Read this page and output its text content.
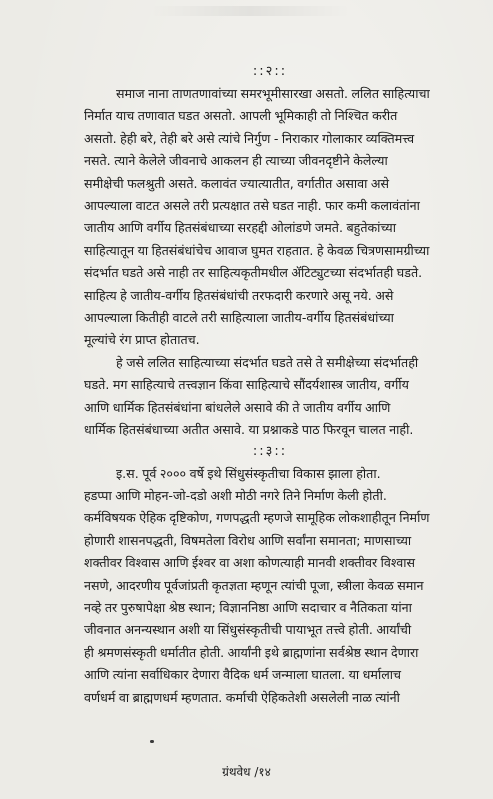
::२::

समाज नाना ताणतणावांच्या समरभूमीसारखा असतो. ललित साहित्याचा
निर्मात याच तणावात घडत असतो. आपली भूमिकाही तो निश्चित करीत
असतो. हेही बरे, तेही बरे असे त्यांचे निर्गुण - निराकार गोलाकार व्यक्तिमत्त्व
नसते. त्याने केलेले जीवनाचे आकलन ही त्याच्या जीवनदृष्टीने केलेल्या
समीक्षेची फलश्रुती असते. कलावंत ज्यात्यातीत, वर्गातीत असावा असे
आपल्याला वाटत असले तरी प्रत्यक्षात तसे घडत नाही. फार कमी कलावंतांना
जातीय आणि वर्गीय हितसंबंधाच्या सरहद्दी ओलांडणे जमते. बहुतेकांच्या
साहित्यातून या हितसंबंधांचेच आवाज घुमत राहतात. हे केवळ चित्रणसामग्रीच्या
संदर्भात घडते असे नाही तर साहित्यकृतीमधील ॲटिट्युटच्या संदर्भातही घडते.
साहित्य हे जातीय-वर्गीय हितसंबंधांची तरफदारी करणारे असू नये. असे
आपल्याला कितीही वाटले तरी साहित्याला जातीय-वर्गीय हितसंबंधांच्या
मूल्यांचे रंग प्राप्त होतातच.

हे जसे ललित साहित्याच्या संदर्भात घडते तसे ते समीक्षेच्या संदर्भातही
घडते. मग साहित्याचे तत्त्वज्ञान किंवा साहित्याचे सौंदर्यशास्त्र जातीय, वर्गीय
आणि धार्मिक हितसंबंधांना बांधलेले असावे की ते जातीय वर्गीय आणि
धार्मिक हितसंबंधाच्या अतीत असावे. या प्रश्नाकडे पाठ फिरवून चालत नाही.

::३::

इ.स. पूर्व २००० वर्षे इथे सिंधुसंस्कृतीचा विकास झाला होता.
हडप्पा आणि मोहन-जो-दडो अशी मोठी नगरे तिने निर्माण केली होती.
कर्मविषयक ऐहिक दृष्टिकोण, गणपद्धती म्हणजे सामूहिक लोकशाहीतून निर्माण
होणारी शासनपद्धती, विषमतेला विरोध आणि सर्वांना समानता; माणसाच्या
शक्तीवर विश्वास आणि ईश्वर वा अशा कोणत्याही मानवी शक्तीवर विश्वास
नसणे, आदरणीय पूर्वजांप्रती कृतज्ञता म्हणून त्यांची पूजा, स्त्रीला केवळ समान
नव्हे तर पुरुषापेक्षा श्रेष्ठ स्थान; विज्ञाननिष्ठा आणि सदाचार व नैतिकता यांना
जीवनात अनन्यस्थान अशी या सिंधुसंस्कृतीची पायाभूत तत्त्वे होती. आर्यांची
ही श्रमणसंस्कृती धर्मातीत होती. आर्यांनी इथे ब्राह्मणांना सर्वश्रेष्ठ स्थान देणारा
आणि त्यांना सर्वाधिकार देणारा वैदिक धर्म जन्माला घातला. या धर्मालाच
वर्णधर्म वा ब्राह्मणधर्म म्हणतात. कर्माची ऐहिकतेशी असलेली नाळ त्यांनी

ग्रंथवेध /१४
